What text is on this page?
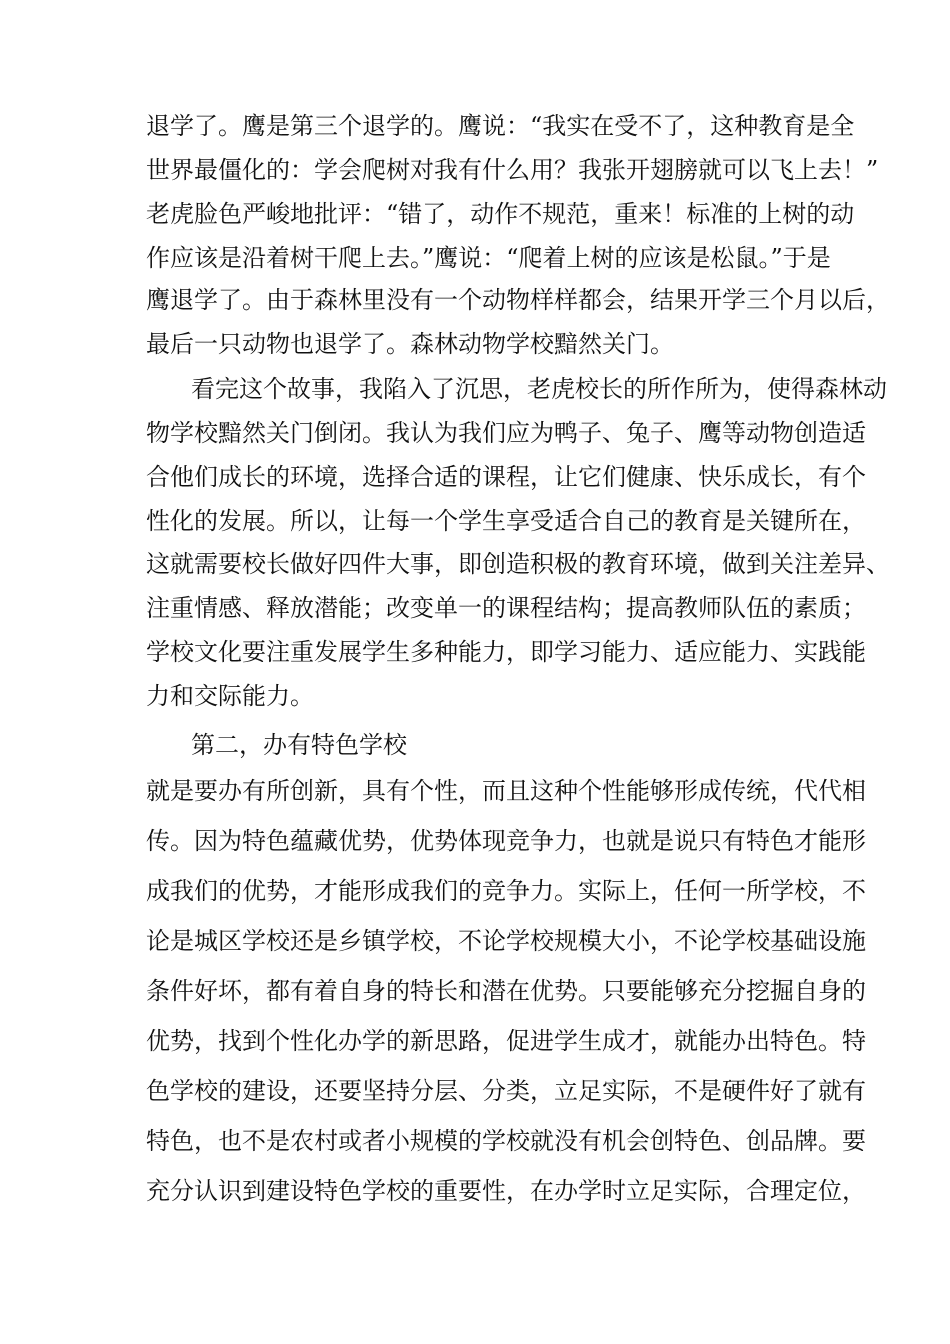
退学了。鹰是第三个退学的。鹰说：“我实在受不了，这种教育是全
世界最僵化的：学会爬树对我有什么用？我张开翅膀就可以飞上去！”
老虎脸色严峻地批评：“错了，动作不规范，重来！标准的上树的动
作应该是沿着树干爬上去。”鹰说：“爬着上树的应该是松鼠。”于是
鹰退学了。由于森林里没有一个动物样样都会，结果开学三个月以后，
最后一只动物也退学了。森林动物学校黯然关门。
看完这个故事，我陷入了沉思，老虎校长的所作所为，使得森林动
物学校黯然关门倒闭。我认为我们应为鸭子、兔子、鹰等动物创造适
合他们成长的环境，选择合适的课程，让它们健康、快乐成长，有个
性化的发展。所以，让每一个学生享受适合自己的教育是关键所在，
这就需要校长做好四件大事，即创造积极的教育环境，做到关注差异、
注重情感、释放潜能；改变单一的课程结构；提高教师队伍的素质；
学校文化要注重发展学生多种能力，即学习能力、适应能力、实践能
力和交际能力。
第二，办有特色学校
就是要办有所创新，具有个性，而且这种个性能够形成传统，代代相
传。因为特色蕴藏优势，优势体现竞争力，也就是说只有特色才能形
成我们的优势，才能形成我们的竞争力。实际上，任何一所学校，不
论是城区学校还是乡镇学校，不论学校规模大小，不论学校基础设施
条件好坏，都有着自身的特长和潜在优势。只要能够充分挖掘自身的
优势，找到个性化办学的新思路，促进学生成才，就能办出特色。特
色学校的建设，还要坚持分层、分类，立足实际，不是硬件好了就有
特色，也不是农村或者小规模的学校就没有机会创特色、创品牌。要
充分认识到建设特色学校的重要性，在办学时立足实际，合理定位，
